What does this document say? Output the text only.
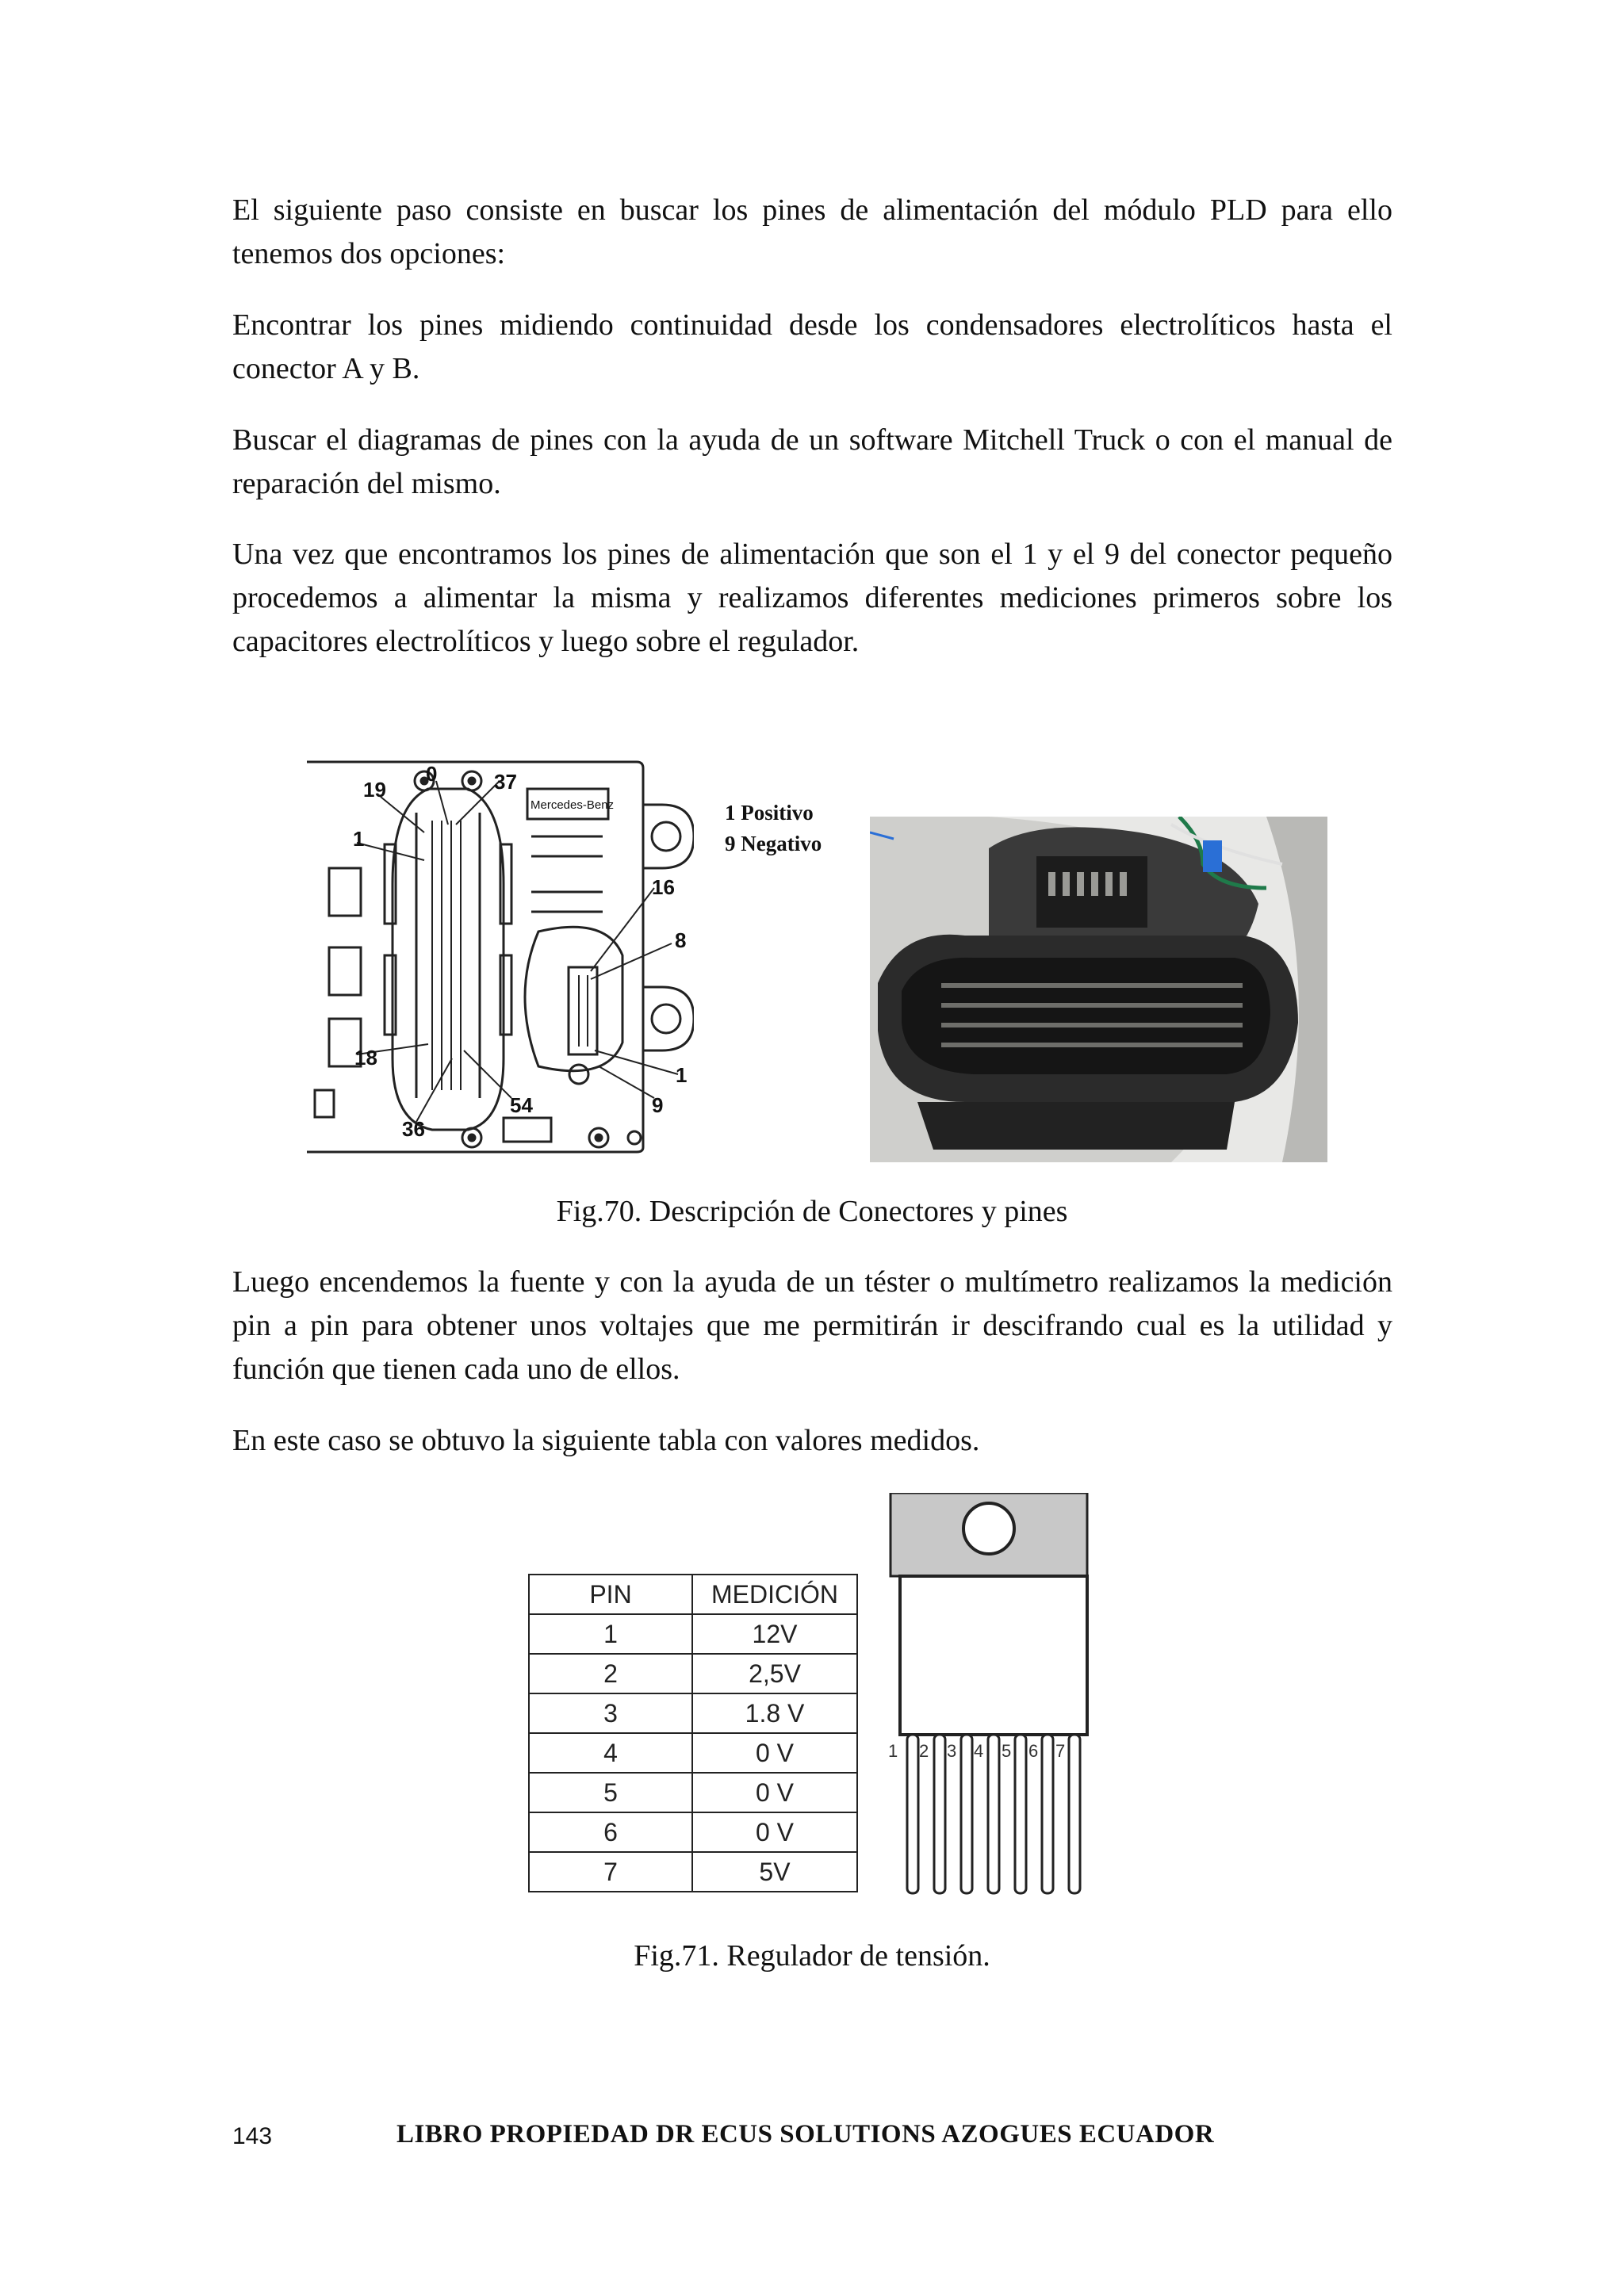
El siguiente paso consiste en buscar los pines de alimentación del módulo PLD para ello tenemos dos opciones:

Encontrar los pines midiendo continuidad desde los condensadores electrolíticos hasta el conector A y B.

Buscar el diagramas de pines con la ayuda de un software Mitchell Truck o con el manual de reparación del mismo.

Una vez que encontramos los pines de alimentación que son el 1 y el 9 del conector pequeño procedemos a alimentar la misma y realizamos diferentes mediciones primeros sobre los capacitores electrolíticos y luego sobre el regulador.

0
19	37
1
16
8
18
36
54
1
9
Mercedes-Benz	1 Positivo
9 Negativo

Fig.70. Descripción de Conectores y pines

Luego encendemos la fuente y con la ayuda de un téster o multímetro realizamos la medición pin a pin para obtener unos voltajes que me permitirán ir descifrando cual es la utilidad y función que tienen cada uno de ellos.

En este caso se obtuvo la siguiente tabla con valores medidos.

PIN	MEDICIÓN
1	12V
2	2,5V
3	1.8 V
4	0 V
5	0 V
6	0 V
7	5V
1 2 3 4 5 6 7

Fig.71. Regulador de tensión.

143	LIBRO PROPIEDAD DR ECUS SOLUTIONS AZOGUES ECUADOR
